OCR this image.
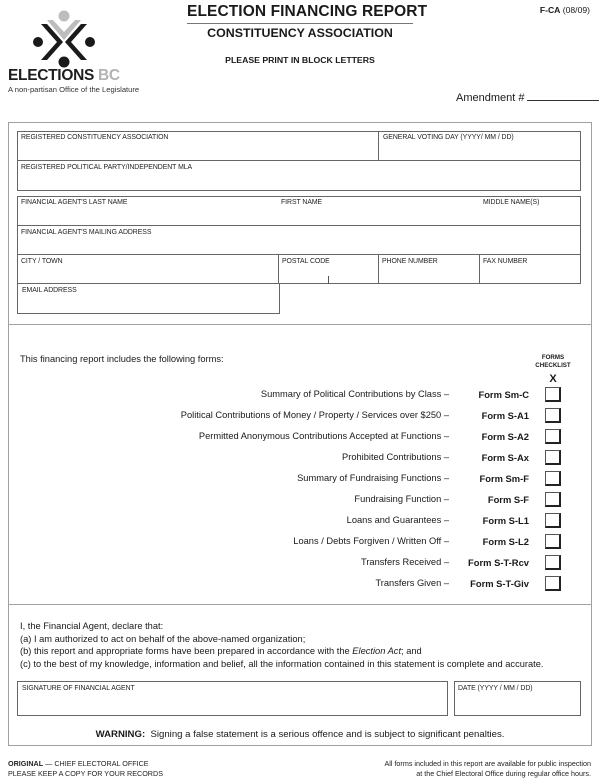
ELECTIONS BC
A non-partisan Office of the Legislature
ELECTION FINANCING REPORT
CONSTITUENCY ASSOCIATION
PLEASE PRINT IN BLOCK LETTERS
F-CA (08/09)
Amendment #
REGISTERED CONSTITUENCY ASSOCIATION	GENERAL VOTING DAY (YYYY/ MM / DD)
REGISTERED POLITICAL PARTY/INDEPENDENT MLA
FINANCIAL AGENT'S LAST NAME	FIRST NAME	MIDDLE NAME(S)
FINANCIAL AGENT'S MAILING ADDRESS
CITY / TOWN	POSTAL CODE	PHONE NUMBER	FAX NUMBER
EMAIL ADDRESS
This financing report includes the following forms:	FORMS
CHECKLIST
X
Summary of Political Contributions by Class –	Form Sm-C
Political Contributions of Money / Property / Services over $250 –	Form S-A1
Permitted Anonymous Contributions Accepted at Functions –	Form S-A2
Prohibited Contributions –	Form S-Ax
Summary of Fundraising Functions –	Form Sm-F
Fundraising Function –	Form S-F
Loans and Guarantees –	Form S-L1
Loans / Debts Forgiven / Written Off –	Form S-L2
Transfers Received – Form S-T-Rcv
Transfers Given – Form S-T-Giv
I, the Financial Agent, declare that:
(a) I am authorized to act on behalf of the above-named organization;
(b) this report and appropriate forms have been prepared in accordance with the Election Act; and
(c) to the best of my knowledge, information and belief, all the information contained in this statement is complete and accurate.
SIGNATURE OF FINANCIAL AGENT	DATE (YYYY / MM / DD)
WARNING: Signing a false statement is a serious offence and is subject to significant penalties.
ORIGINAL — CHIEF ELECTORAL OFFICE
PLEASE KEEP A COPY FOR YOUR RECORDS
All forms included in this report are available for public inspection
at the Chief Electoral Office during regular office hours.
